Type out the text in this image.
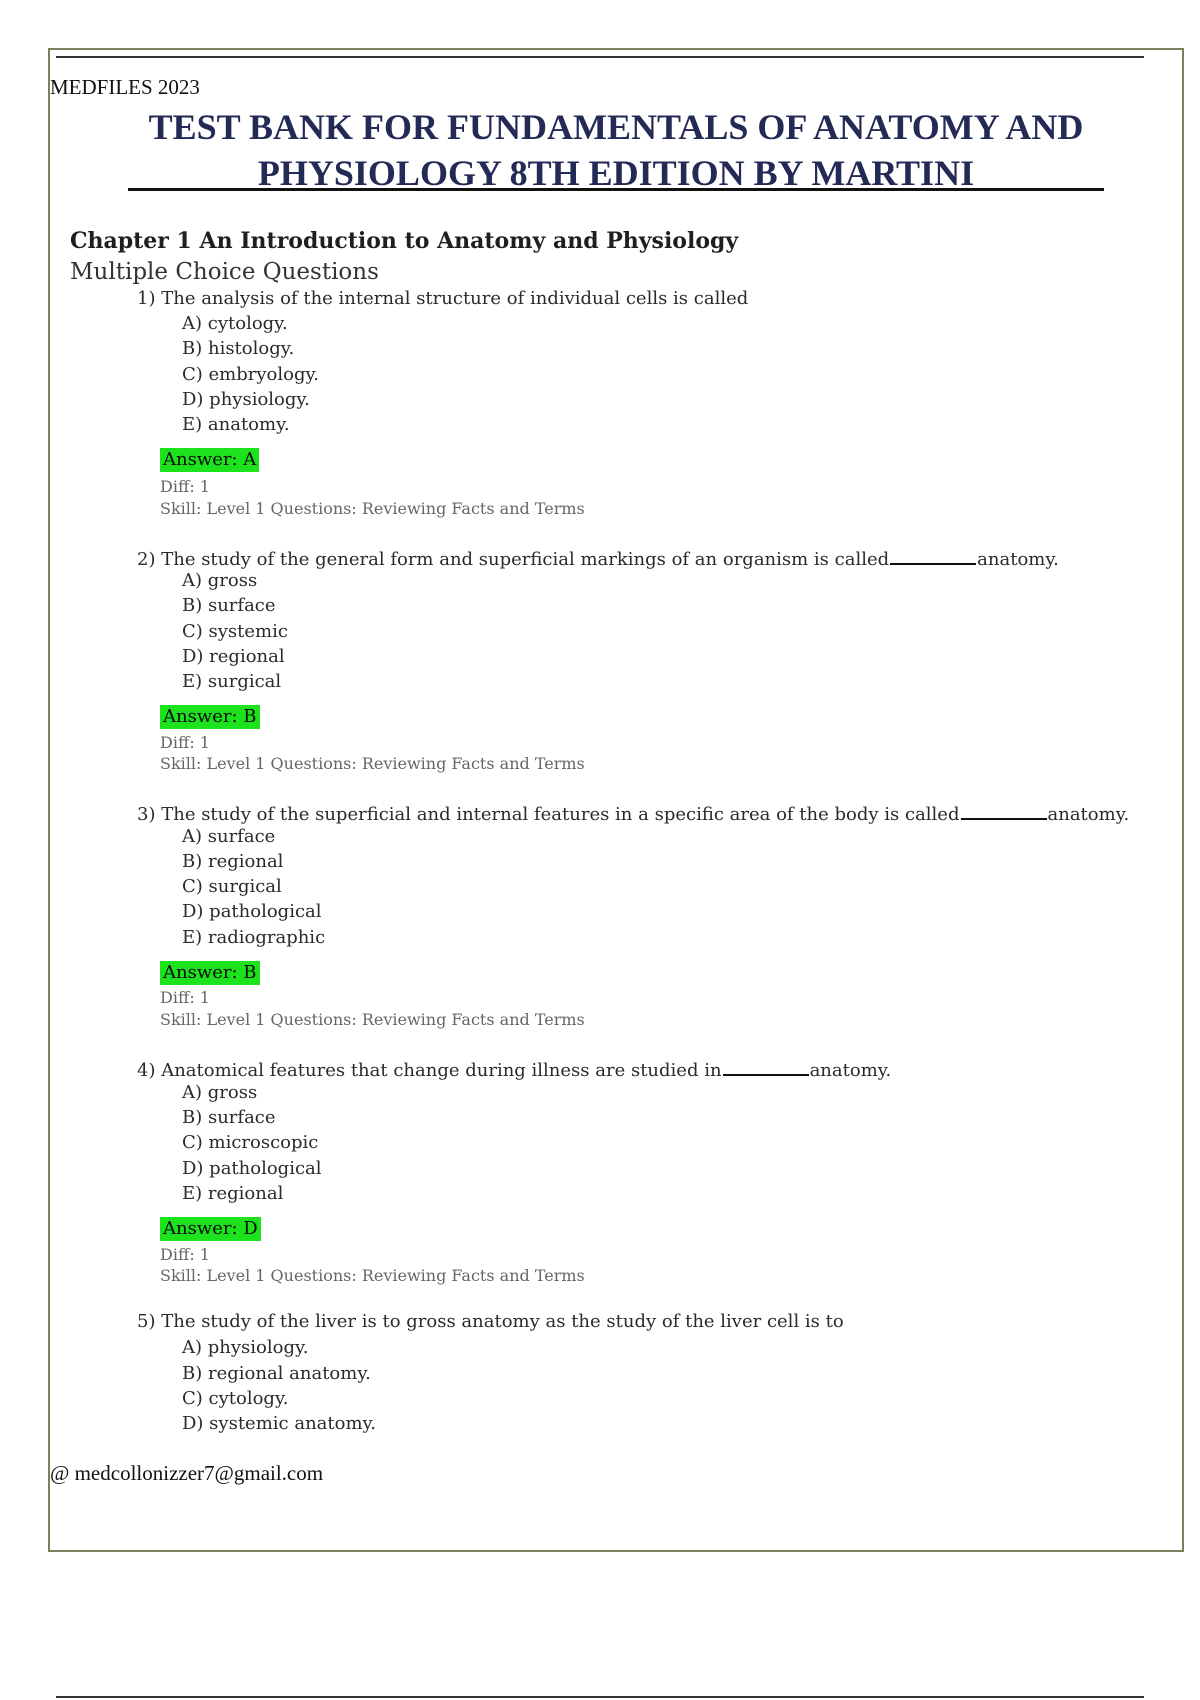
MEDFILES 2023
TEST BANK FOR FUNDAMENTALS OF ANATOMY AND
PHYSIOLOGY 8TH EDITION BY MARTINI
Chapter 1 An Introduction to Anatomy and Physiology
Multiple Choice Questions
1) The analysis of the internal structure of individual cells is called
A) cytology.
B) histology.
C) embryology.
D) physiology.
E) anatomy.
Answer: A
Diff: 1
Skill: Level 1 Questions: Reviewing Facts and Terms
2) The study of the general form and superficial markings of an organism is called	anatomy.
A) gross
B) surface
C) systemic
D) regional
E) surgical
Answer: B
Diff: 1
Skill: Level 1 Questions: Reviewing Facts and Terms
3) The study of the superficial and internal features in a specific area of the body is called	anatomy.
A) surface
B) regional
C) surgical
D) pathological
E) radiographic
Answer: B
Diff: 1
Skill: Level 1 Questions: Reviewing Facts and Terms
4) Anatomical features that change during illness are studied in	anatomy.
A) gross
B) surface
C) microscopic
D) pathological
E) regional
Answer: D
Diff: 1
Skill: Level 1 Questions: Reviewing Facts and Terms
5) The study of the liver is to gross anatomy as the study of the liver cell is to
A) physiology.
B) regional anatomy.
C) cytology.
D) systemic anatomy.
@ medcollonizzer7@gmail.com
